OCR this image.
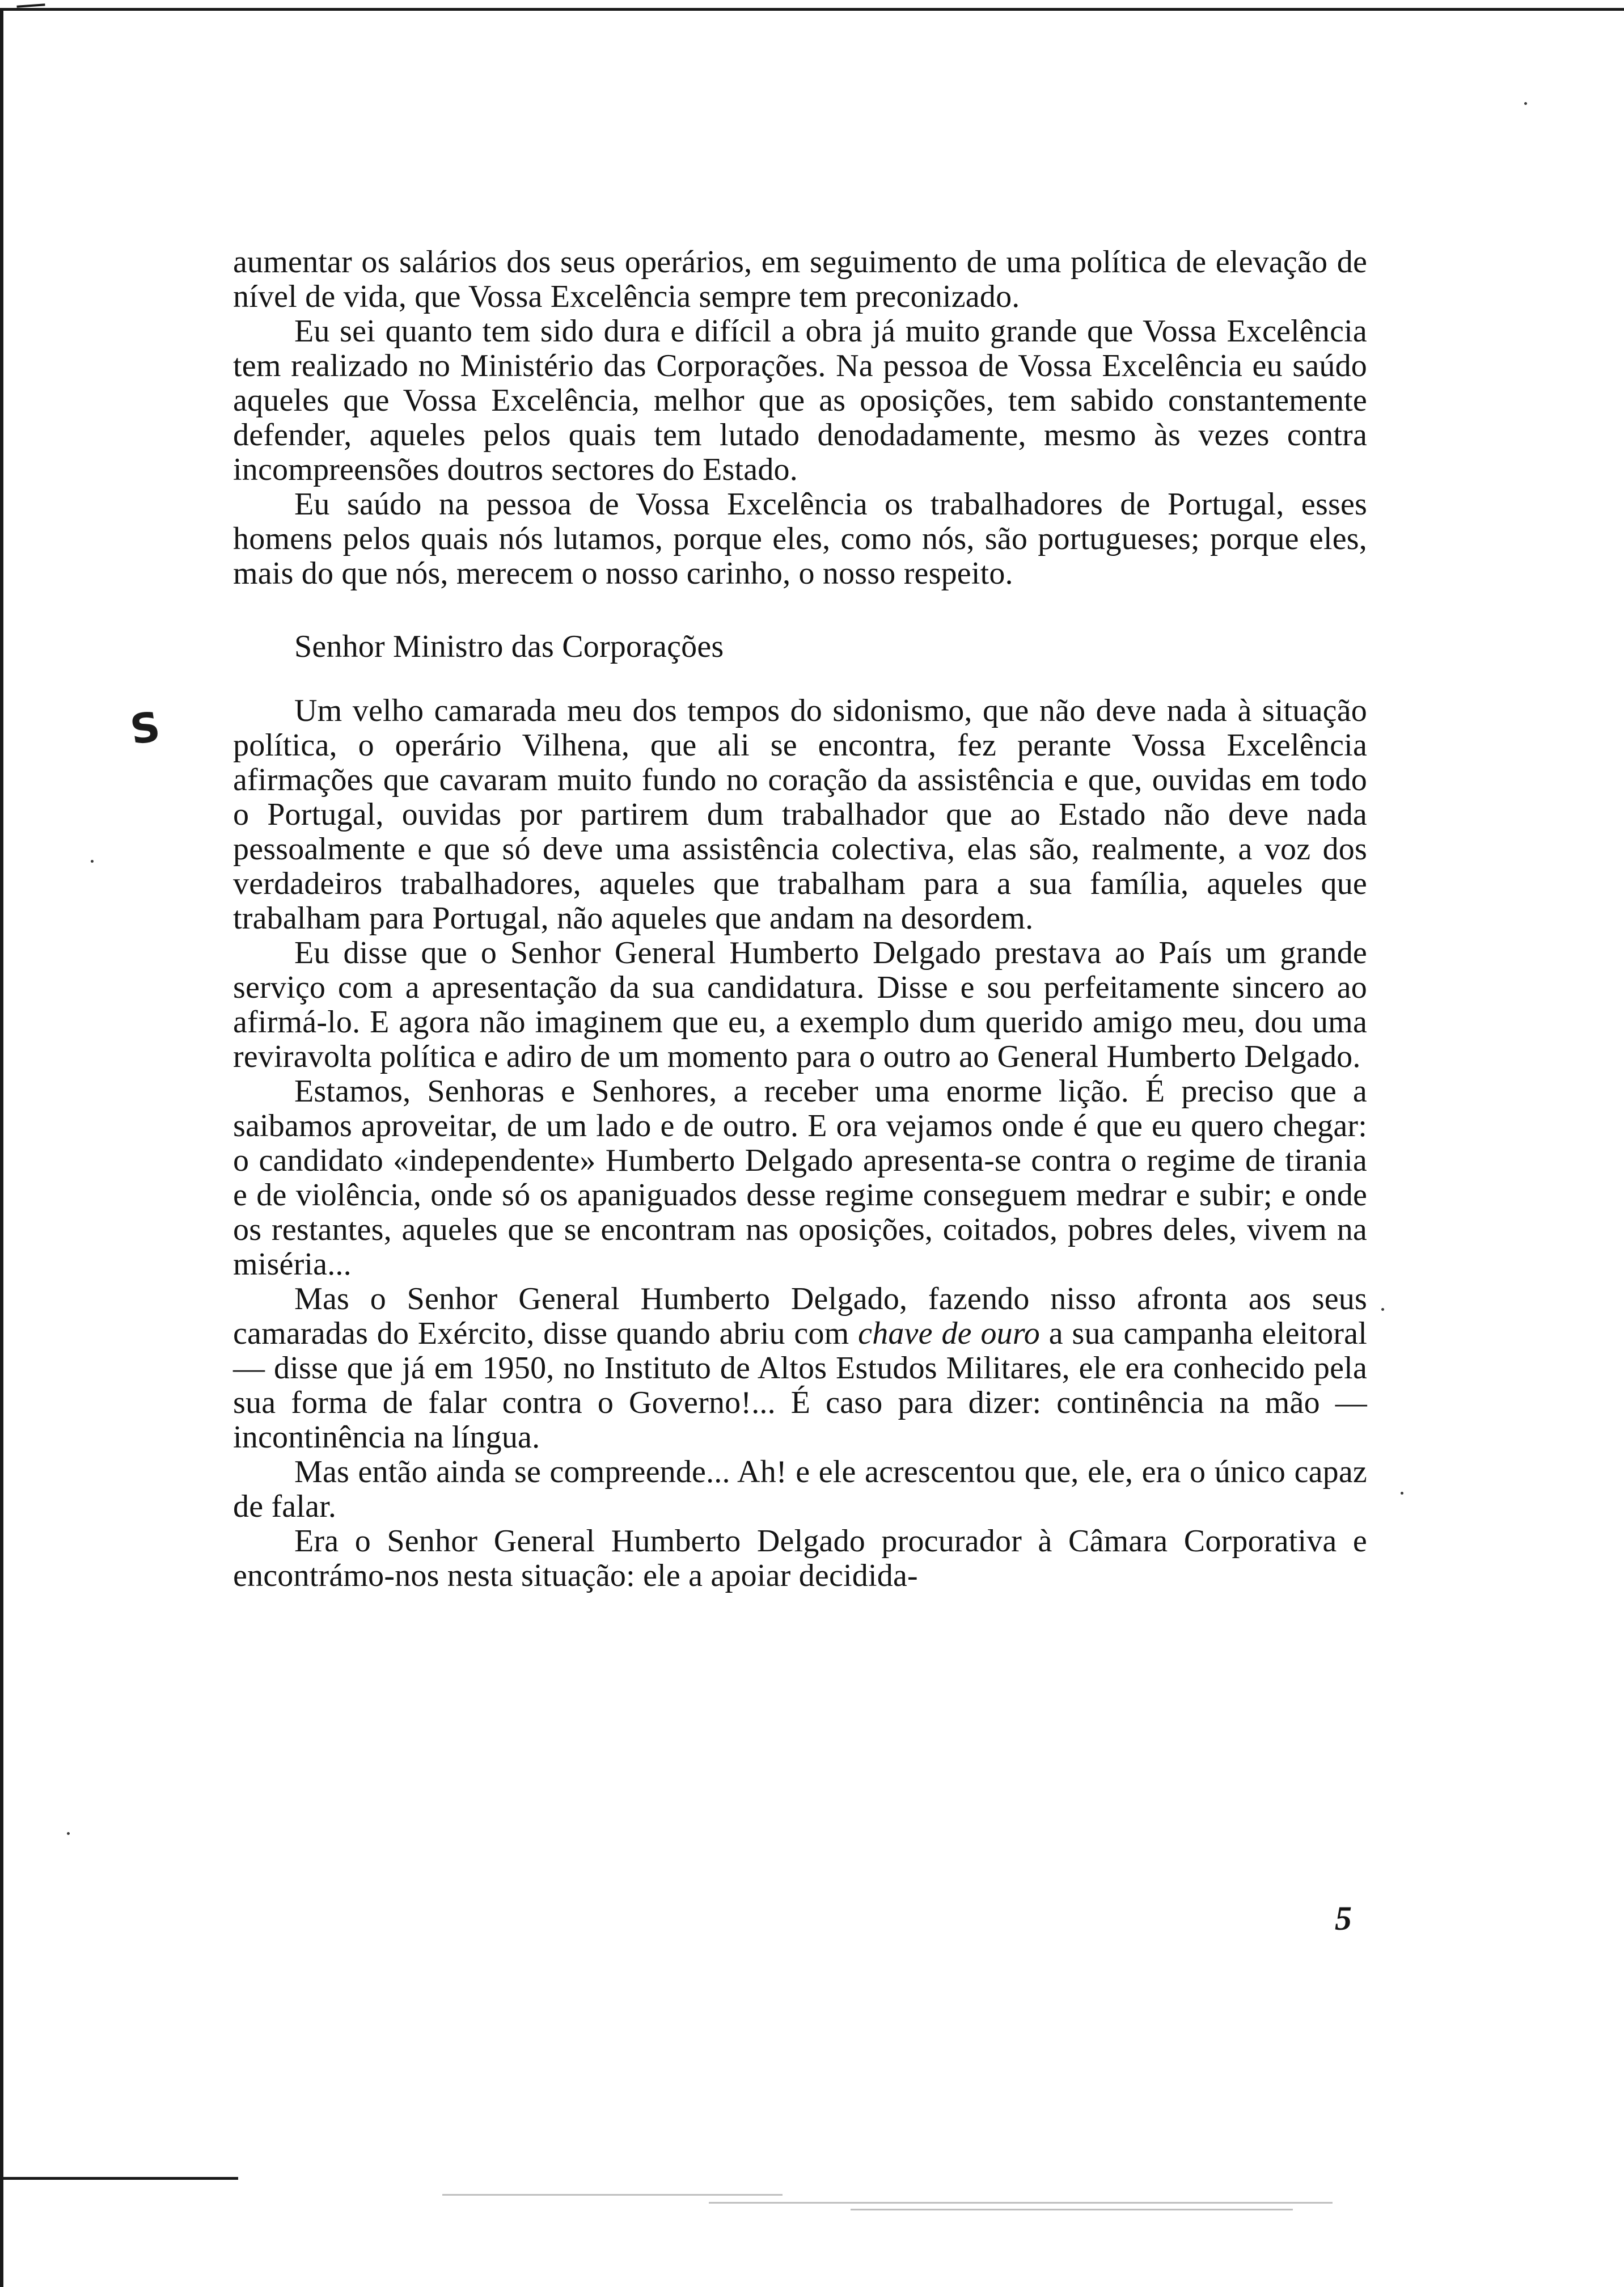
S

aumentar os salários dos seus operários, em seguimento de uma política de elevação de nível de vida, que Vossa Excelência sempre tem preconizado.

Eu sei quanto tem sido dura e difícil a obra já muito grande que Vossa Excelência tem realizado no Ministério das Corporações. Na pessoa de Vossa Excelência eu saúdo aqueles que Vossa Excelência, melhor que as oposições, tem sabido constantemente defender, aqueles pelos quais tem lutado denodadamente, mesmo às vezes contra incompreensões doutros sectores do Estado.

Eu saúdo na pessoa de Vossa Excelência os trabalhadores de Portugal, esses homens pelos quais nós lutamos, porque eles, como nós, são portugueses; porque eles, mais do que nós, merecem o nosso carinho, o nosso respeito.

Senhor Ministro das Corporações

Um velho camarada meu dos tempos do sidonismo, que não deve nada à situação política, o operário Vilhena, que ali se encontra, fez perante Vossa Excelência afirmações que cavaram muito fundo no coração da assistência e que, ouvidas em todo o Portugal, ouvidas por partirem dum trabalhador que ao Estado não deve nada pessoalmente e que só deve uma assistência colectiva, elas são, realmente, a voz dos verdadeiros trabalhadores, aqueles que trabalham para a sua família, aqueles que trabalham para Portugal, não aqueles que andam na desordem.

Eu disse que o Senhor General Humberto Delgado prestava ao País um grande serviço com a apresentação da sua candidatura. Disse e sou perfeitamente sincero ao afirmá-lo. E agora não imaginem que eu, a exemplo dum querido amigo meu, dou uma reviravolta política e adiro de um momento para o outro ao General Humberto Delgado.

Estamos, Senhoras e Senhores, a receber uma enorme lição. É preciso que a saibamos aproveitar, de um lado e de outro. E ora vejamos onde é que eu quero chegar: o candidato «independente» Humberto Delgado apresenta-se contra o regime de tirania e de violência, onde só os apaniguados desse regime conseguem medrar e subir; e onde os restantes, aqueles que se encontram nas oposições, coitados, pobres deles, vivem na miséria...

Mas o Senhor General Humberto Delgado, fazendo nisso afronta aos seus camaradas do Exército, disse quando abriu com chave de ouro a sua campanha eleitoral — disse que já em 1950, no Instituto de Altos Estudos Militares, ele era conhecido pela sua forma de falar contra o Governo!... É caso para dizer: continência na mão — incontinência na língua.

Mas então ainda se compreende... Ah! e ele acrescentou que, ele, era o único capaz de falar.

Era o Senhor General Humberto Delgado procurador à Câmara Corporativa e encontrámo-nos nesta situação: ele a apoiar decidida-

5
